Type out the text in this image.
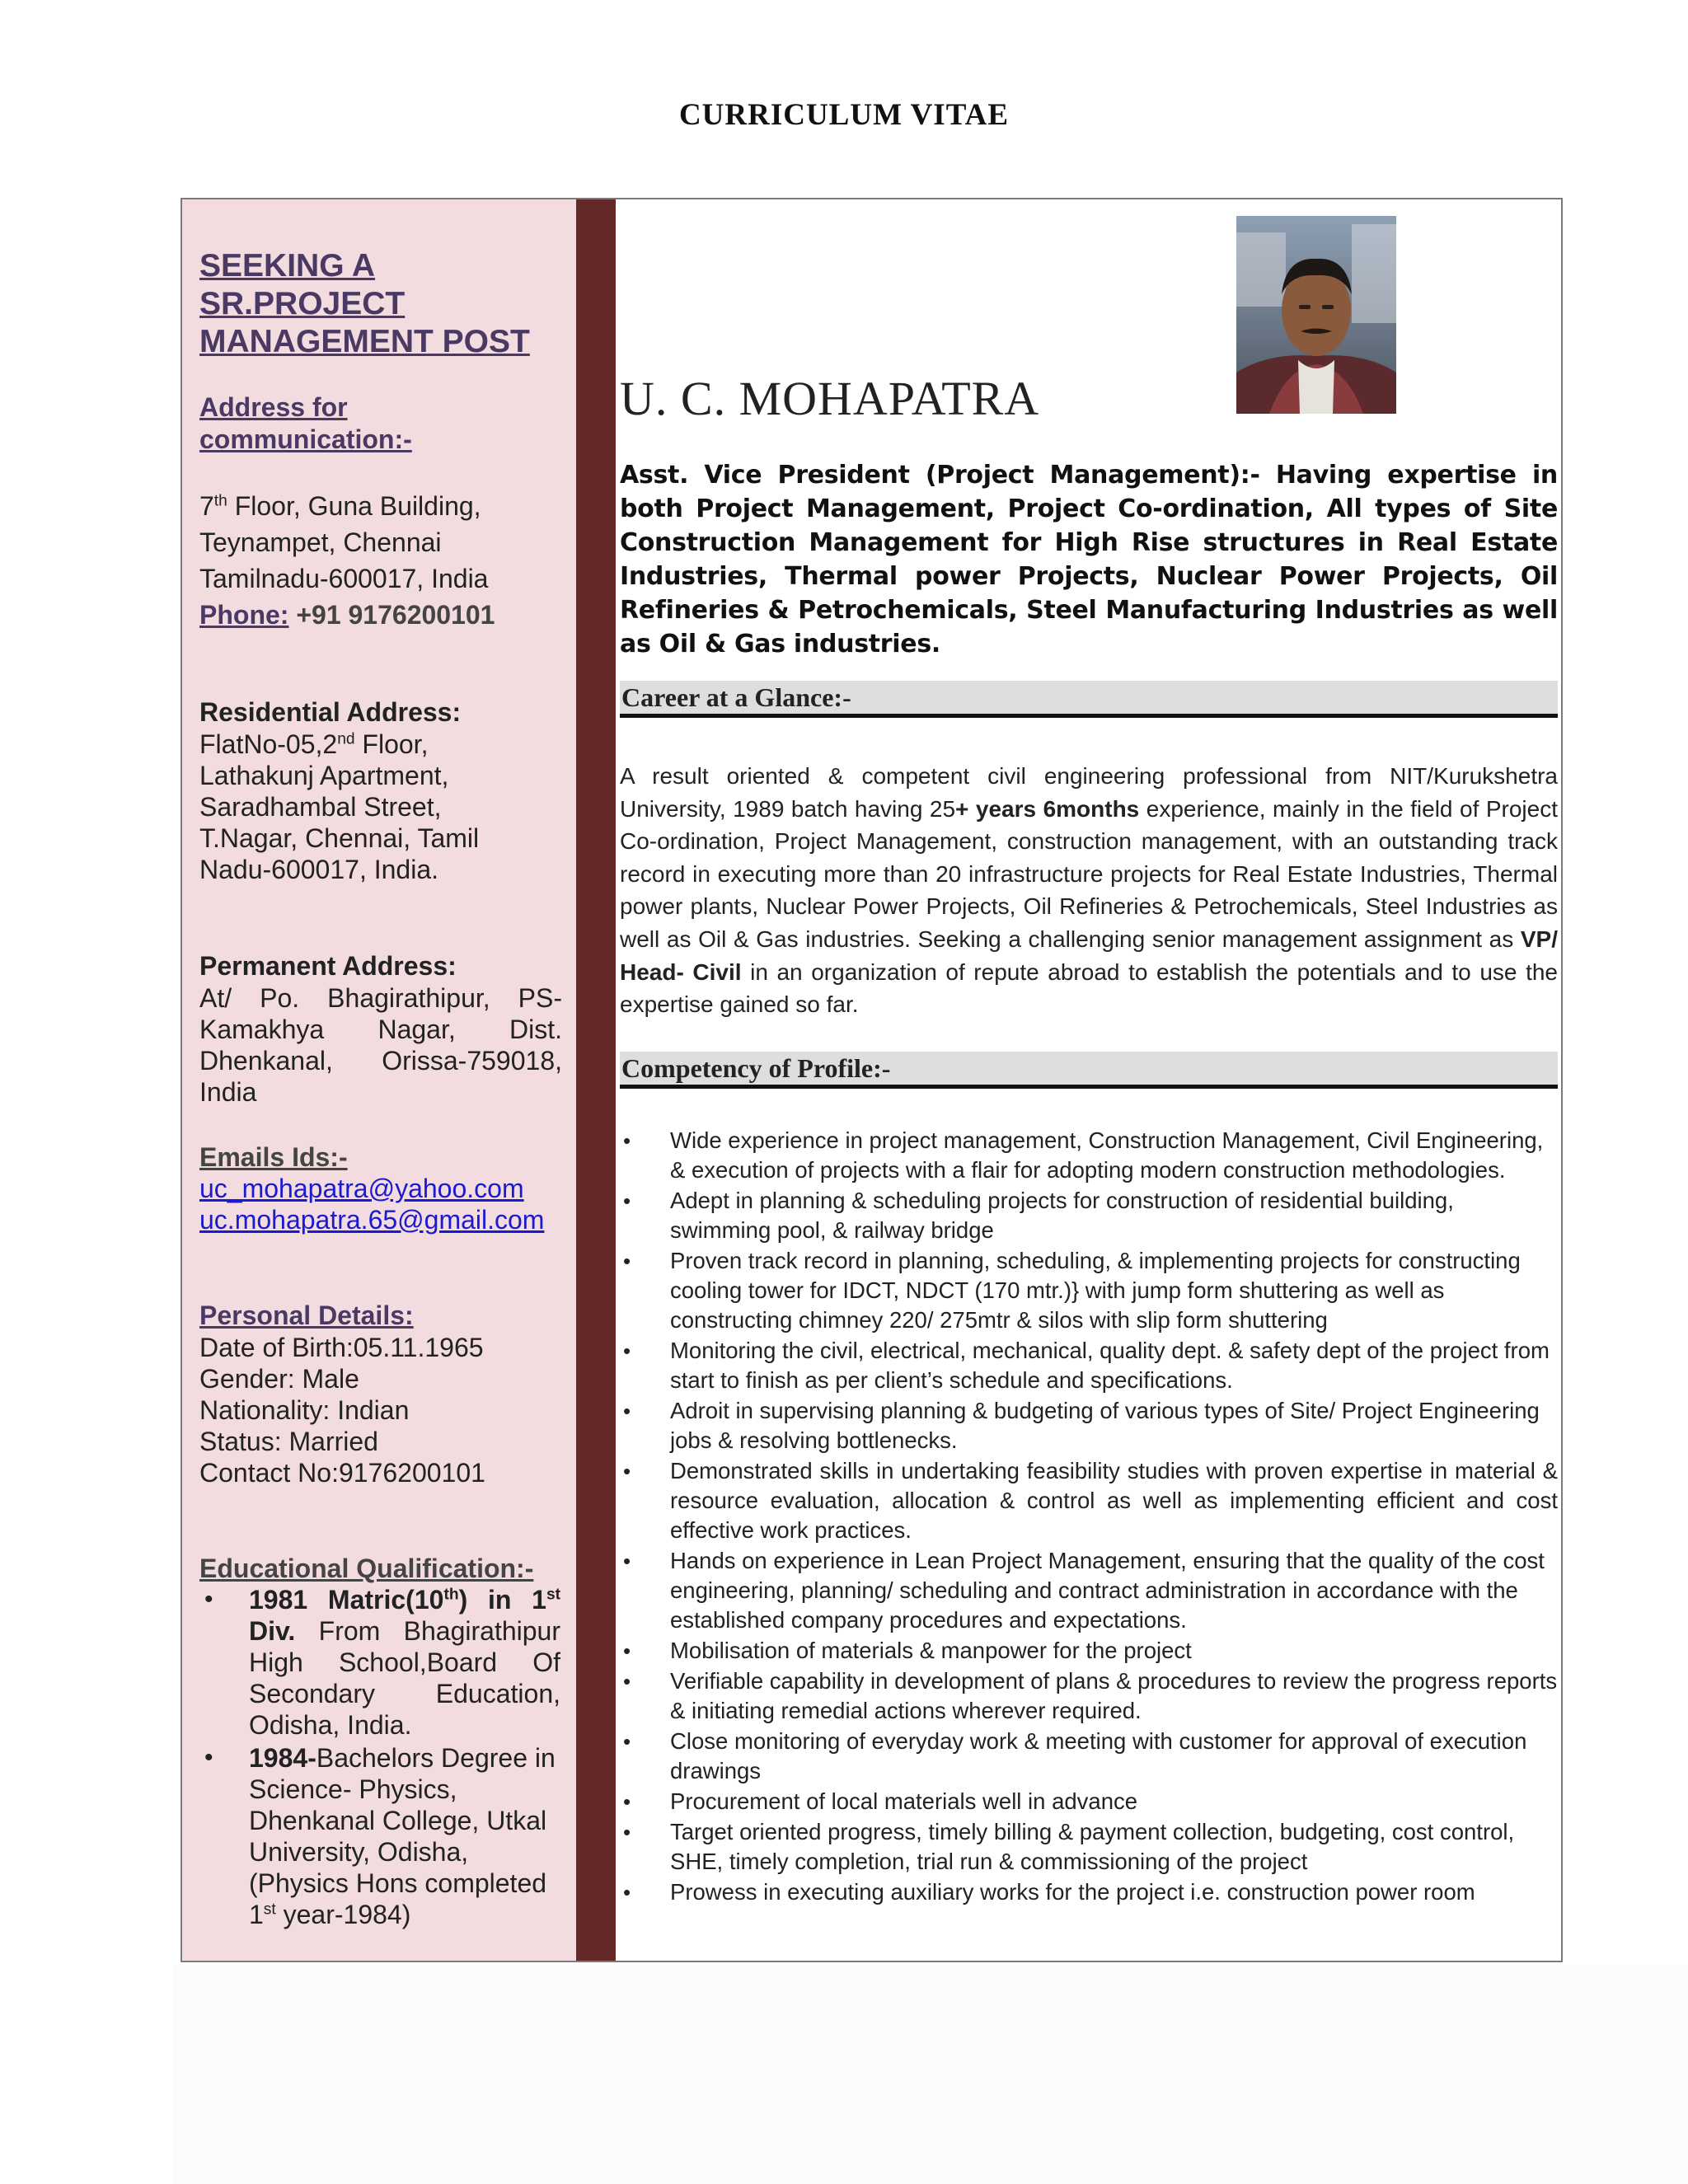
CURRICULUM VITAE
SEEKING A
SR.PROJECT
MANAGEMENT POST
Address for communication:-
7th Floor, Guna Building,
Teynampet, Chennai
Tamilnadu-600017, India
Phone: +91 9176200101
Residential Address:
FlatNo-05,2nd Floor,
Lathakunj Apartment,
Saradhambal Street,
T.Nagar, Chennai, Tamil
Nadu-600017, India.
Permanent Address:
At/ Po. Bhagirathipur, PS-Kamakhya Nagar, Dist. Dhenkanal, Orissa-759018, India
Emails Ids:-
uc_mohapatra@yahoo.com
uc.mohapatra.65@gmail.com
Personal Details:
Date of Birth:05.11.1965
Gender: Male
Nationality: Indian
Status: Married
Contact No:9176200101
Educational Qualification:-
• 1981 Matric(10th) in 1st Div. From Bhagirathipur High School,Board Of Secondary Education, Odisha, India.
• 1984-Bachelors Degree in Science- Physics, Dhenkanal College, Utkal University, Odisha, (Physics Hons completed 1st year-1984)
U. C. MOHAPATRA
Asst. Vice President (Project Management):- Having expertise in both Project Management, Project Co-ordination, All types of Site Construction Management for High Rise structures in Real Estate Industries, Thermal power Projects, Nuclear Power Projects, Oil Refineries & Petrochemicals, Steel Manufacturing Industries as well as Oil & Gas industries.
Career at a Glance:-
A result oriented & competent civil engineering professional from NIT/Kurukshetra University, 1989 batch having 25+ years 6months experience, mainly in the field of Project Co-ordination, Project Management, construction management, with an outstanding track record in executing more than 20 infrastructure projects for Real Estate Industries, Thermal power plants, Nuclear Power Projects, Oil Refineries & Petrochemicals, Steel Industries as well as Oil & Gas industries. Seeking a challenging senior management assignment as VP/ Head- Civil in an organization of repute abroad to establish the potentials and to use the expertise gained so far.
Competency of Profile:-
• Wide experience in project management, Construction Management, Civil Engineering, & execution of projects with a flair for adopting modern construction methodologies.
• Adept in planning & scheduling projects for construction of residential building, swimming pool, & railway bridge
• Proven track record in planning, scheduling, & implementing projects for constructing cooling tower for IDCT, NDCT (170 mtr.)} with jump form shuttering as well as constructing chimney 220/ 275mtr & silos with slip form shuttering
• Monitoring the civil, electrical, mechanical, quality dept. & safety dept of the project from start to finish as per client’s schedule and specifications.
• Adroit in supervising planning & budgeting of various types of Site/ Project Engineering jobs & resolving bottlenecks.
• Demonstrated skills in undertaking feasibility studies with proven expertise in material & resource evaluation, allocation & control as well as implementing efficient and cost effective work practices.
• Hands on experience in Lean Project Management, ensuring that the quality of the cost engineering, planning/ scheduling and contract administration in accordance with the established company procedures and expectations.
• Mobilisation of materials & manpower for the project
• Verifiable capability in development of plans & procedures to review the progress reports & initiating remedial actions wherever required.
• Close monitoring of everyday work & meeting with customer for approval of execution drawings
• Procurement of local materials well in advance
• Target oriented progress, timely billing & payment collection, budgeting, cost control, SHE, timely completion, trial run & commissioning of the project
• Prowess in executing auxiliary works for the project i.e. construction power room
